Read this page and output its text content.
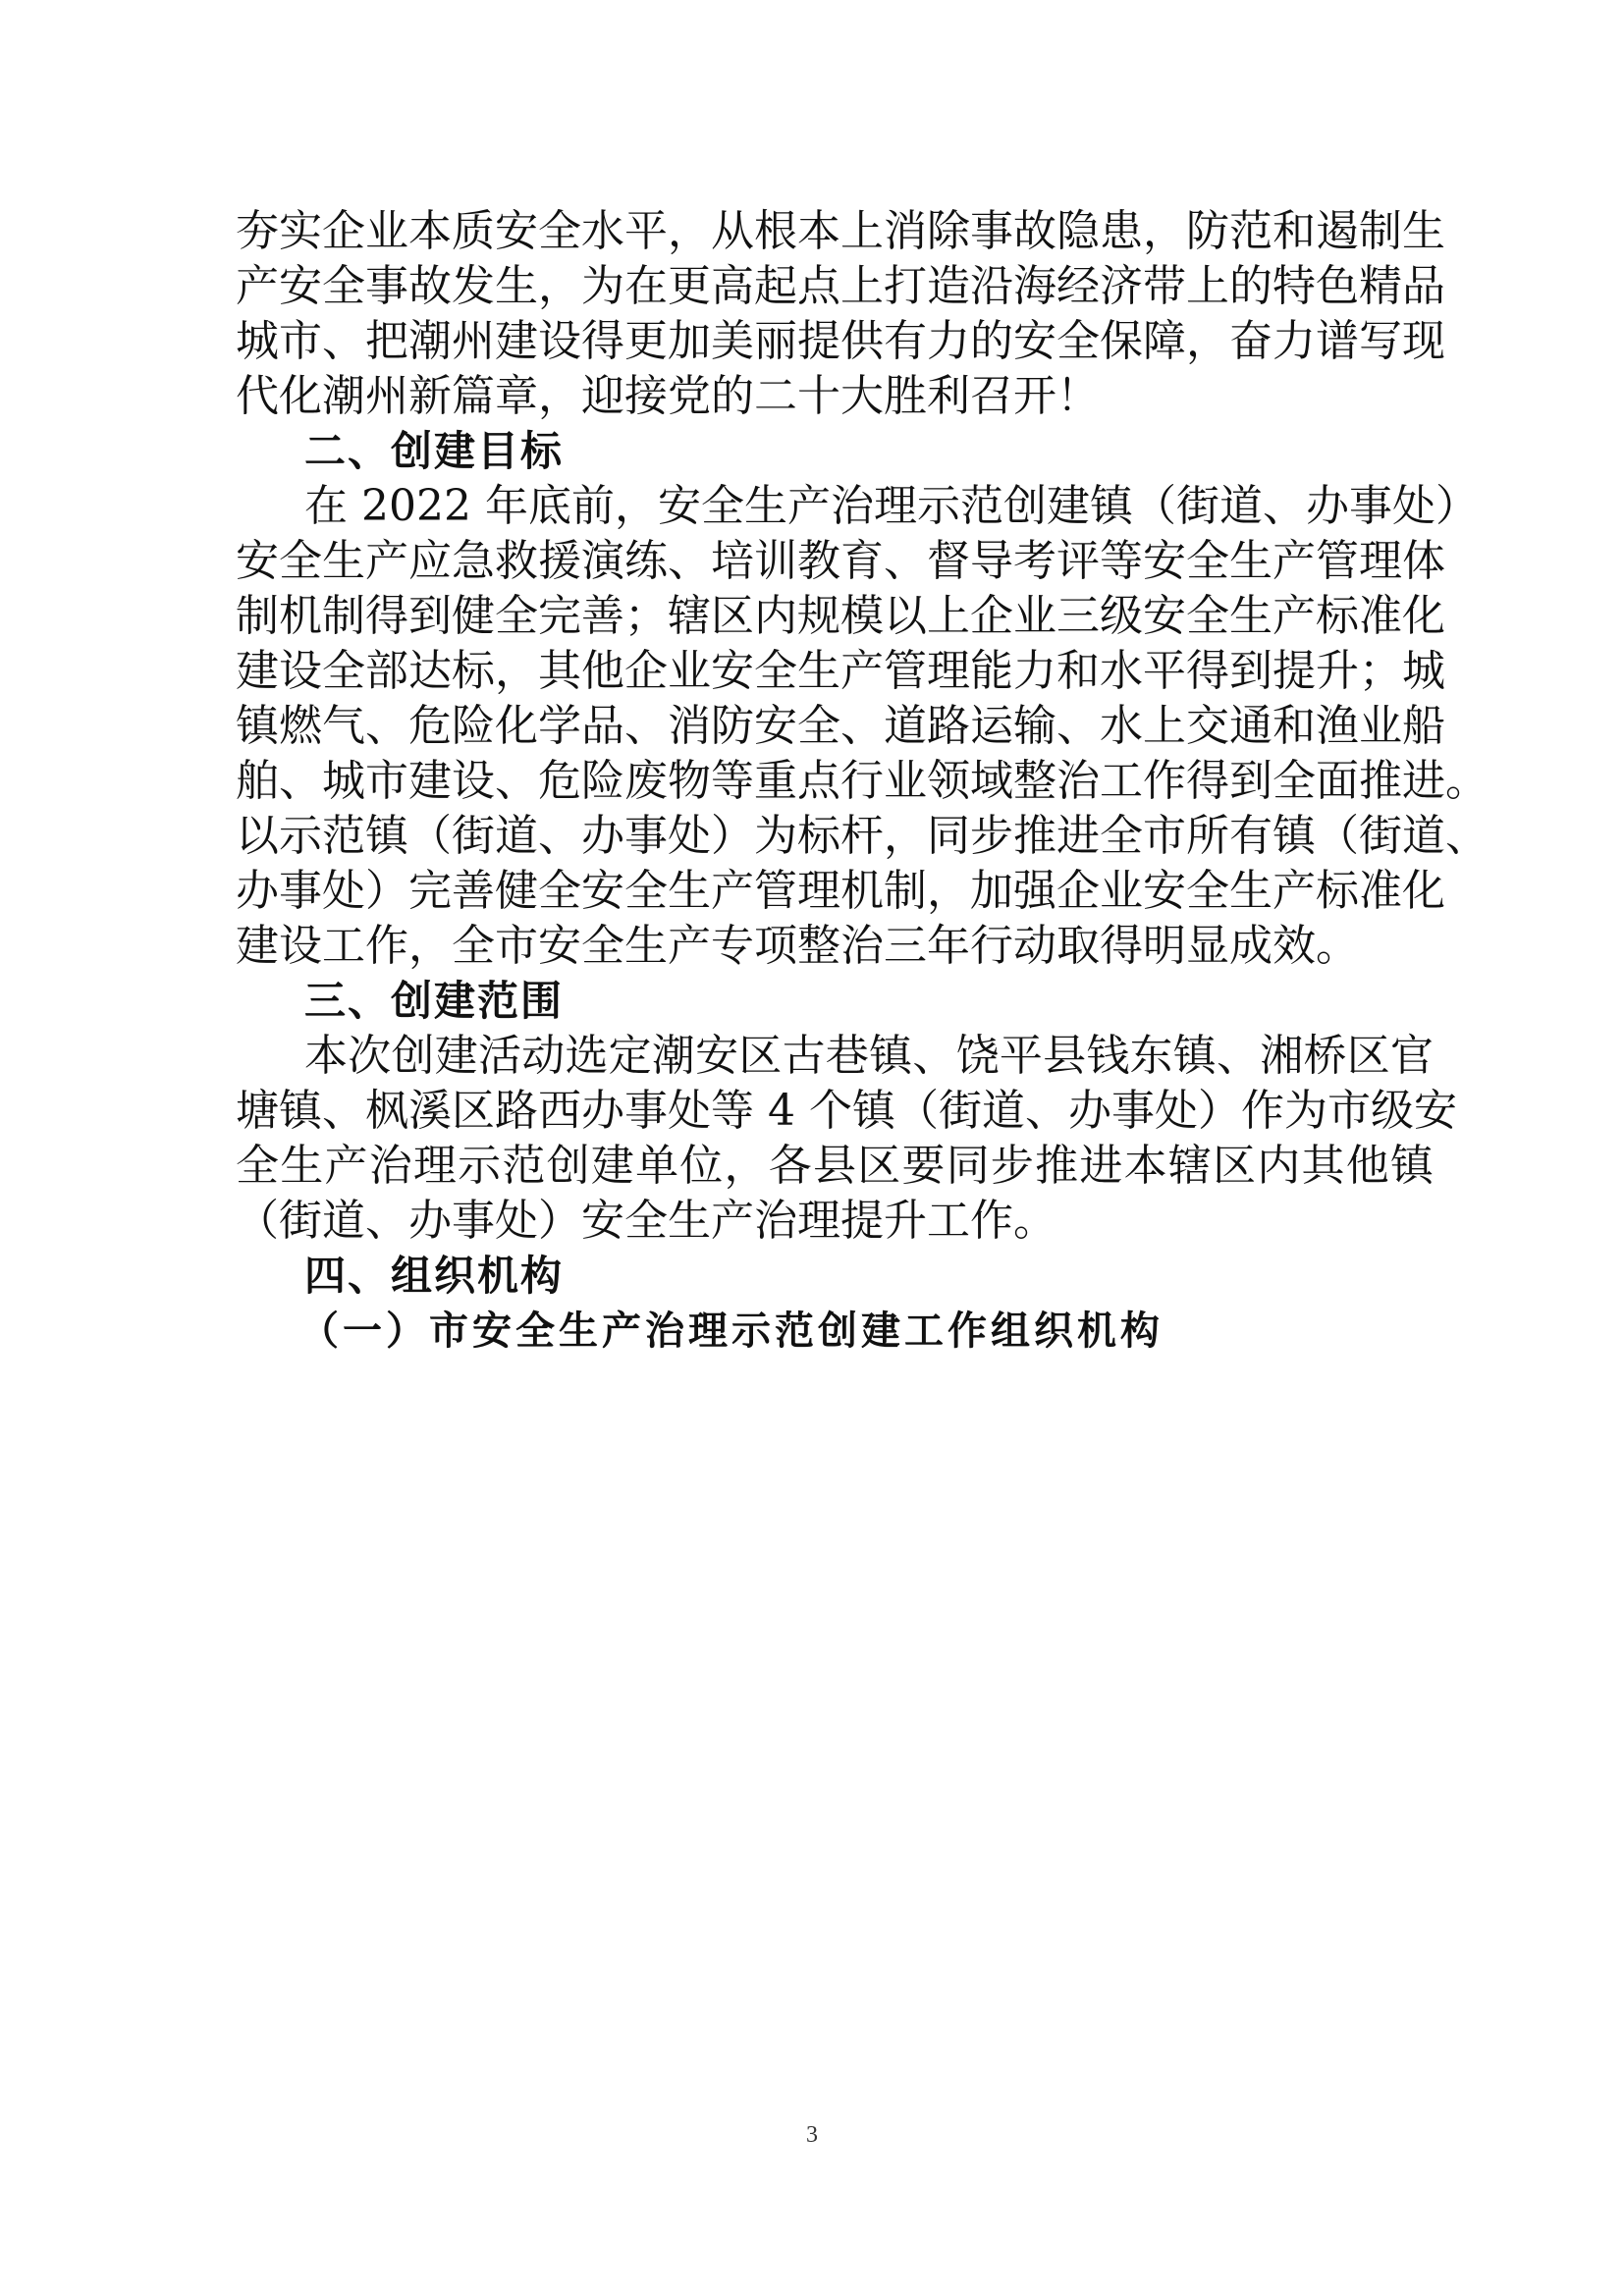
夯实企业本质安全水平，从根本上消除事故隐患，防范和遏制生
产安全事故发生，为在更高起点上打造沿海经济带上的特色精品
城市、把潮州建设得更加美丽提供有力的安全保障，奋力谱写现
代化潮州新篇章，迎接党的二十大胜利召开！
二、创建目标
在 2022 年底前，安全生产治理示范创建镇（街道、办事处）
安全生产应急救援演练、培训教育、督导考评等安全生产管理体
制机制得到健全完善；辖区内规模以上企业三级安全生产标准化
建设全部达标，其他企业安全生产管理能力和水平得到提升；城
镇燃气、危险化学品、消防安全、道路运输、水上交通和渔业船
舶、城市建设、危险废物等重点行业领域整治工作得到全面推进。
以示范镇（街道、办事处）为标杆，同步推进全市所有镇（街道、
办事处）完善健全安全生产管理机制，加强企业安全生产标准化
建设工作，全市安全生产专项整治三年行动取得明显成效。
三、创建范围
本次创建活动选定潮安区古巷镇、饶平县钱东镇、湘桥区官
塘镇、枫溪区路西办事处等 4 个镇（街道、办事处）作为市级安
全生产治理示范创建单位，各县区要同步推进本辖区内其他镇
（街道、办事处）安全生产治理提升工作。
四、组织机构
（一）市安全生产治理示范创建工作组织机构
3
